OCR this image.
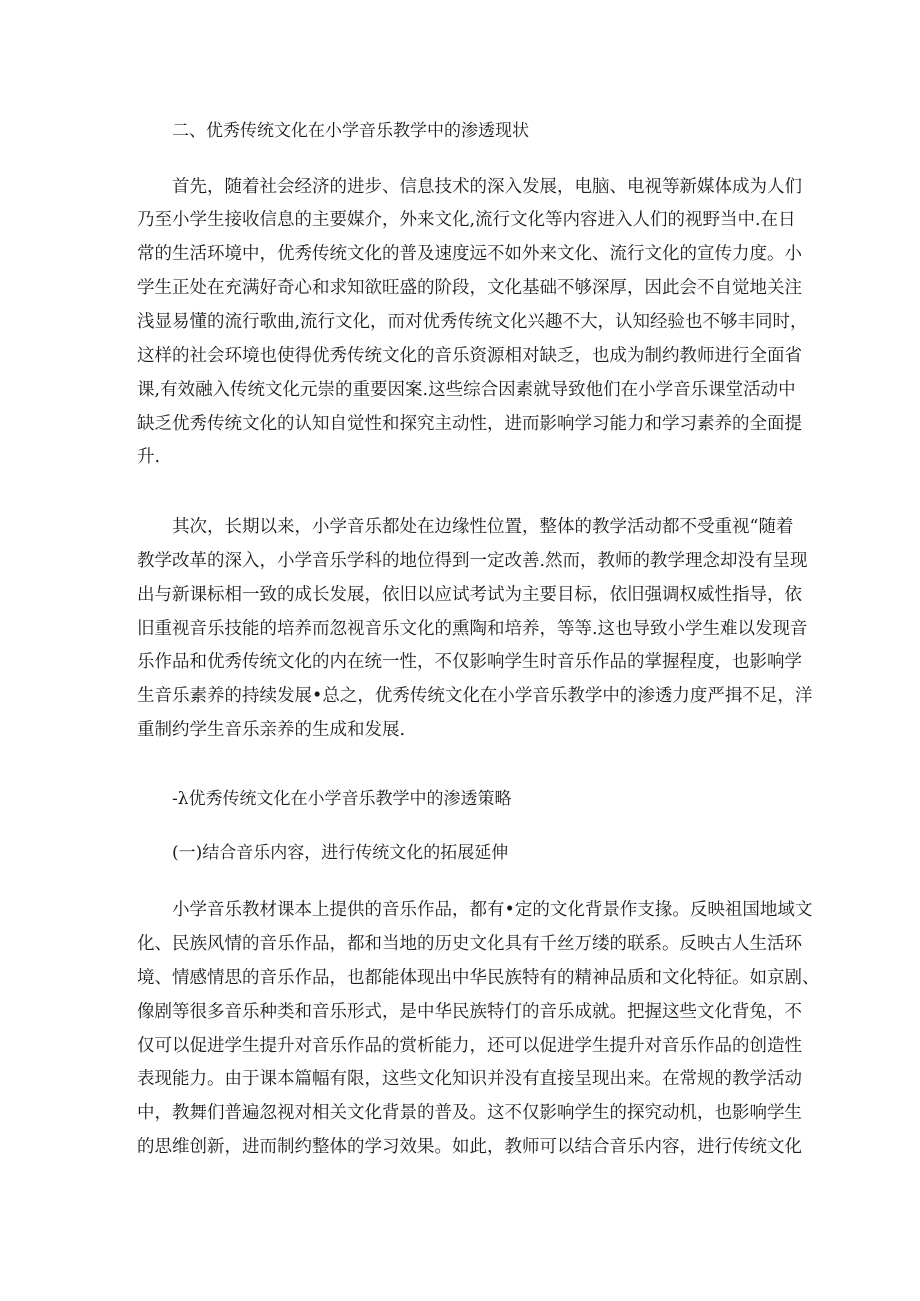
二、优秀传统文化在小学音乐教学中的渗透现状

首先，随着社会经济的进步、信息技术的深入发展，电脑、电视等新媒体成为人们

乃至小学生接收信息的主要媒介，外来文化,流行文化等内容进入人们的视野当中.在日

常的生活环境中，优秀传统文化的普及速度远不如外来文化、流行文化的宣传力度。小

学生正处在充满好奇心和求知欲旺盛的阶段，文化基础不够深厚，因此会不自觉地关注

浅显易懂的流行歌曲,流行文化，而对优秀传统文化兴趣不大，认知经验也不够丰同时，

这样的社会环境也使得优秀传统文化的音乐资源相对缺乏，也成为制约教师进行全面省

课,有效融入传统文化元崇的重要因案.这些综合因素就导致他们在小学音乐课堂活动中

缺乏优秀传统文化的认知自觉性和探究主动性，进而影响学习能力和学习素养的全面提

升.

其次，长期以来，小学音乐都处在边缘性位置，整体的教学活动都不受重视“随着

教学改革的深入，小学音乐学科的地位得到一定改善.然而，教师的教学理念却没有呈现

出与新课标相一致的成长发展，依旧以应试考试为主要目标，依旧强调权威性指导，依

旧重视音乐技能的培养而忽视音乐文化的熏陶和培养，等等.这也导致小学生难以发现音

乐作品和优秀传统文化的内在统一性，不仅影响学生时音乐作品的掌握程度，也影响学

生音乐素养的持续发展•总之，优秀传统文化在小学音乐教学中的渗透力度严揖不足，洋

重制约学生音乐亲养的生成和发展.

-λ优秀传统文化在小学音乐教学中的渗透策略
(一)结合音乐内容，进行传统文化的拓展延伸

小学音乐教材课本上提供的音乐作品，都有•定的文化背景作支掾。反映祖国地域文

化、民族风情的音乐作品，都和当地的历史文化具有千丝万缕的联系。反映古人生活环

境、情感情思的音乐作品，也都能体现出中华民族特有的精神品质和文化特征。如京剧、

像剧等很多音乐种类和音乐形式，是中华民族特仃的音乐成就。把握这些文化背兔，不

仅可以促进学生提升对音乐作品的赏析能力，还可以促进学生提升对音乐作品的创造性

表现能力。由于课本篇幅有限，这些文化知识并没有直接呈现出来。在常规的教学活动

中，教舞们普遍忽视对相关文化背景的普及。这不仅影响学生的探究动机，也影响学生

的思维创新，进而制约整体的学习效果。如此，教师可以结合音乐内容，进行传统文化
